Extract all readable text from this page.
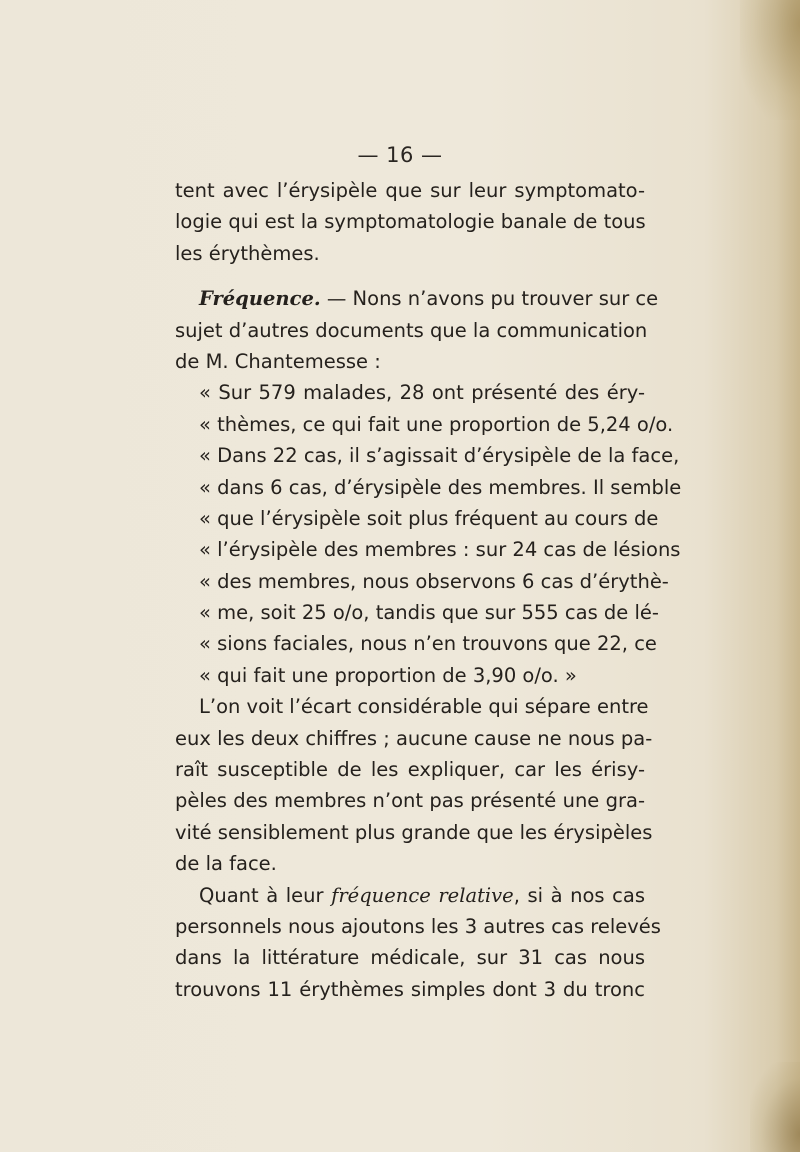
— 16 —
tent avec l’érysipèle que sur leur symptomato-
logie qui est la symptomatologie banale de tous
les érythèmes.
Fréquence. — Nons n’avons pu trouver sur ce
sujet d’autres documents que la communication
de M. Chantemesse :
« Sur 579 malades, 28 ont présenté des éry-
« thèmes, ce qui fait une proportion de 5,24 o/o.
« Dans 22 cas, il s’agissait d’érysipèle de la face,
« dans 6 cas, d’érysipèle des membres. Il semble
« que l’érysipèle soit plus fréquent au cours de
« l’érysipèle des membres : sur 24 cas de lésions
« des membres, nous observons 6 cas d’érythè-
« me, soit 25 o/o, tandis que sur 555 cas de lé-
« sions faciales, nous n’en trouvons que 22, ce
« qui fait une proportion de 3,90 o/o. »
L’on voit l’écart considérable qui sépare entre
eux les deux chiffres ; aucune cause ne nous pa-
raît susceptible de les expliquer, car les érisy-
pèles des membres n’ont pas présenté une gra-
vité sensiblement plus grande que les érysipèles
de la face.
Quant à leur fréquence relative, si à nos cas
personnels nous ajoutons les 3 autres cas relevés
dans la littérature médicale, sur 31 cas nous
trouvons 11 érythèmes simples dont 3 du tronc
